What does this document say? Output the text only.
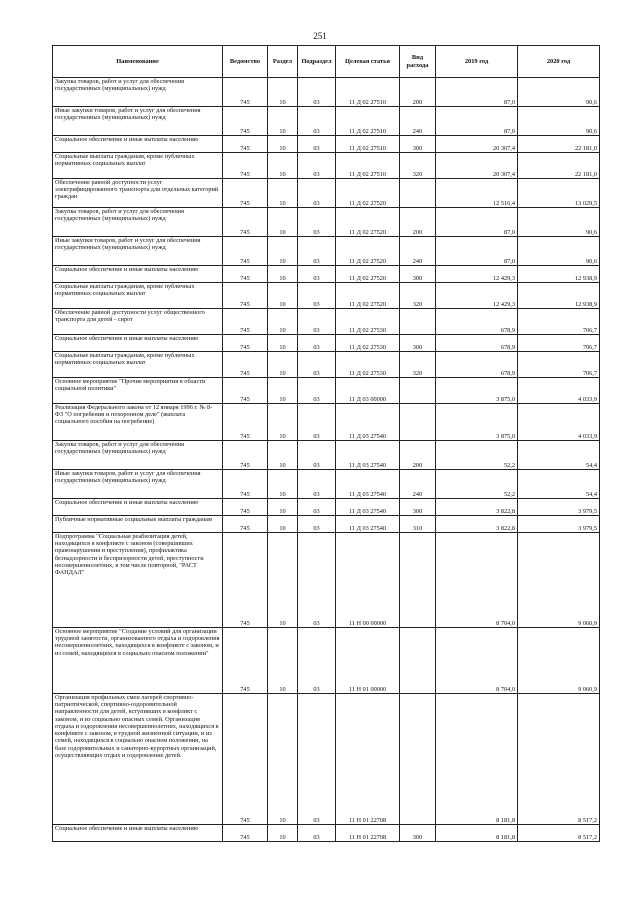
251
Наименование	Ведомство	Раздел	Подраздел	Целевая статья	Вид расхода	2019 год	2020 год
Закупка товаров, работ и услуг для обеспечения государственных (муниципальных) нужд	745	10	03	11 Д 02 27510	200	87,0	90,6
Иные закупки товаров, работ и услуг для обеспечения государственных (муниципальных) нужд	745	10	03	11 Д 02 27510	240	87,0	90,6
Социальное обеспечение и иные выплаты населению	745	10	03	11 Д 02 27510	300	20 307,4	22 181,0
Социальные выплаты гражданам, кроме публичных нормативных социальных выплат	745	10	03	11 Д 02 27510	320	20 307,4	22 181,0
Обеспечение равной доступности услуг электрифицированного транспорта для отдельных категорий граждан	745	10	03	11 Д 02 27520		12 516,4	13 029,5
Закупка товаров, работ и услуг для обеспечения государственных (муниципальных) нужд	745	10	03	11 Д 02 27520	200	87,0	90,6
Иные закупки товаров, работ и услуг для обеспечения государственных (муниципальных) нужд	745	10	03	11 Д 02 27520	240	87,0	90,6
Социальное обеспечение и иные выплаты населению	745	10	03	11 Д 02 27520	300	12 429,3	12 938,9
Социальные выплаты гражданам, кроме публичных нормативных социальных выплат	745	10	03	11 Д 02 27520	320	12 429,3	12 938,9
Обеспечение равной доступности услуг общественного транспорта для детей - сирот	745	10	03	11 Д 02 27530		678,9	706,7
Социальное обеспечение и иные выплаты населению	745	10	03	11 Д 02 27530	300	678,9	706,7
Социальные выплаты гражданам, кроме публичных нормативных социальных выплат	745	10	03	11 Д 02 27530	320	678,9	706,7
Основное мероприятие "Прочие мероприятия в области социальной политики"	745	10	03	11 Д 03 00000		3 875,0	4 033,9
Реализация Федерального закона от 12 января 1996 г. № 8-ФЗ "О погребении и похоронном деле" (выплата социального пособия на погребение)	745	10	03	11 Д 03 27540		3 875,0	4 033,9
Закупка товаров, работ и услуг для обеспечения государственных (муниципальных) нужд	745	10	03	11 Д 03 27540	200	52,2	54,4
Иные закупки товаров, работ и услуг для обеспечения государственных (муниципальных) нужд	745	10	03	11 Д 03 27540	240	52,2	54,4
Социальное обеспечение и иные выплаты населению	745	10	03	11 Д 03 27540	300	3 822,8	3 979,5
Публичные нормативные социальные выплаты гражданам	745	10	03	11 Д 03 27540	310	3 822,8	3 979,5
Подпрограмма "Социальная реабилитация детей, находящихся в конфликте с законом (совершивших правонарушения и преступления), профилактика безнадзорности и беспризорности детей, преступности несовершеннолетних, в том числе повторной, "РАСТ ФАНДАЛ"	745	10	03	11 Н 00 00000		8 704,0	9 060,9
Основное мероприятие "Создание условий для организации трудовой занятости, организованного отдыха и оздоровления несовершеннолетних, находящихся в конфликте с законом, и из семей, находящихся в социально опасном положении"	745	10	03	11 Н 01 00000		8 704,0	9 060,9
Организация профильных смен лагерей спортивно-патриотической, спортивно-оздоровительной направленности для детей, вступивших в конфликт с законом, и из социально опасных семей. Организация отдыха и оздоровления несовершеннолетних, находящихся в конфликте с законом, в трудной жизненной ситуации, и из семей, находящихся в социально опасном положении, на базе оздоровительных и санаторно-курортных организаций, осуществляющих отдых и оздоровление детей.	745	10	03	11 Н 01 22708		8 181,8	8 517,2
Социальное обеспечение и иные выплаты населению	745	10	03	11 Н 01 22708	300	8 181,8	8 517,2
